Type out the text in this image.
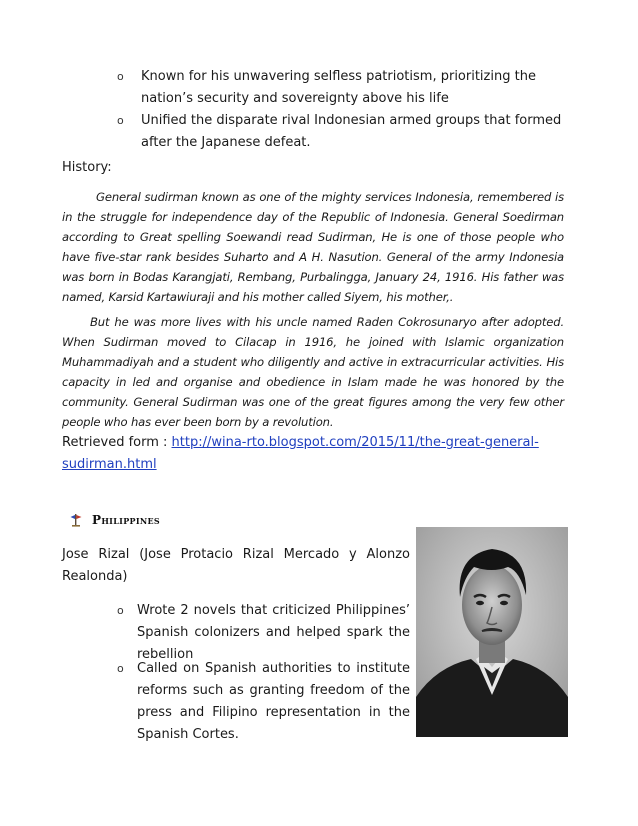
o Known for his unwavering selfless patriotism, prioritizing the nation’s security and sovereignty above his life
o Unified the disparate rival Indonesian armed groups that formed after the Japanese defeat.
History:

General sudirman known as one of the mighty services Indonesia, remembered is in the struggle for independence day of the Republic of Indonesia. General Soedirman according to Great spelling Soewandi read Sudirman, He is one of those people who have five-star rank besides Suharto and A H. Nasution. General of the army Indonesia was born in Bodas Karangjati, Rembang, Purbalingga, January 24, 1916. His father was named, Karsid Kartawiuraji and his mother called Siyem, his mother,.

But he was more lives with his uncle named Raden Cokrosunaryo after adopted. When Sudirman moved to Cilacap in 1916, he joined with Islamic organization Muhammadiyah and a student who diligently and active in extracurricular activities. His capacity in led and organise and obedience in Islam made he was honored by the community. General Sudirman was one of the great figures among the very few other people who has ever been born by a revolution.

Retrieved form : http://wina-rto.blogspot.com/2015/11/the-great-general-sudirman.html
Philippines
Jose Rizal (Jose Protacio Rizal Mercado y Alonzo Realonda)
o Wrote 2 novels that criticized Philippines’ Spanish colonizers and helped spark the rebellion
o Called on Spanish authorities to institute reforms such as granting freedom of the press and Filipino representation in the Spanish Cortes.
